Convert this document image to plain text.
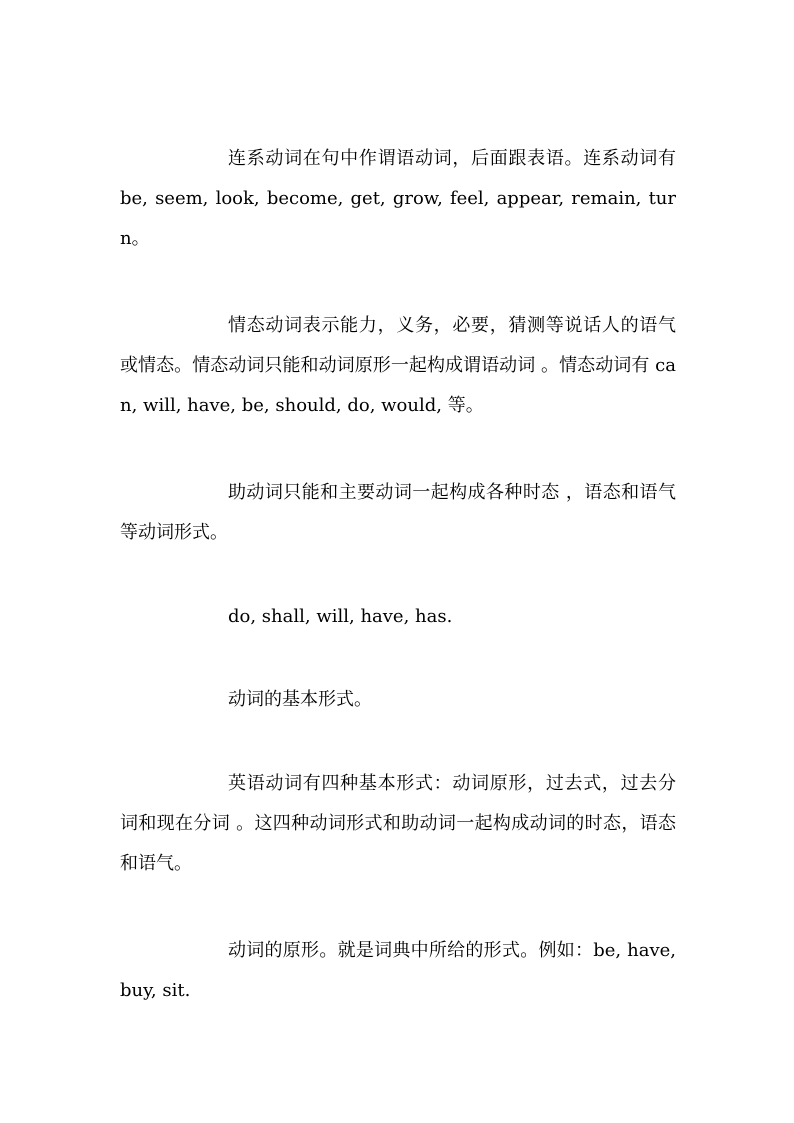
连系动词在句中作谓语动词，后面跟表语。连系动词有 be, seem, look, become, get, grow, feel, appear, remain, turn。

情态动词表示能力，义务，必要，猜测等说话人的语气或情态。情态动词只能和动词原形一起构成谓语动词 。情态动词有 can, will, have, be, should, do, would, 等。

助动词只能和主要动词一起构成各种时态 ，语态和语气等动词形式。

do, shall, will, have, has.

动词的基本形式。

英语动词有四种基本形式：动词原形，过去式，过去分词和现在分词 。这四种动词形式和助动词一起构成动词的时态，语态和语气。

动词的原形。就是词典中所给的形式。例如：be, have, buy, sit.
